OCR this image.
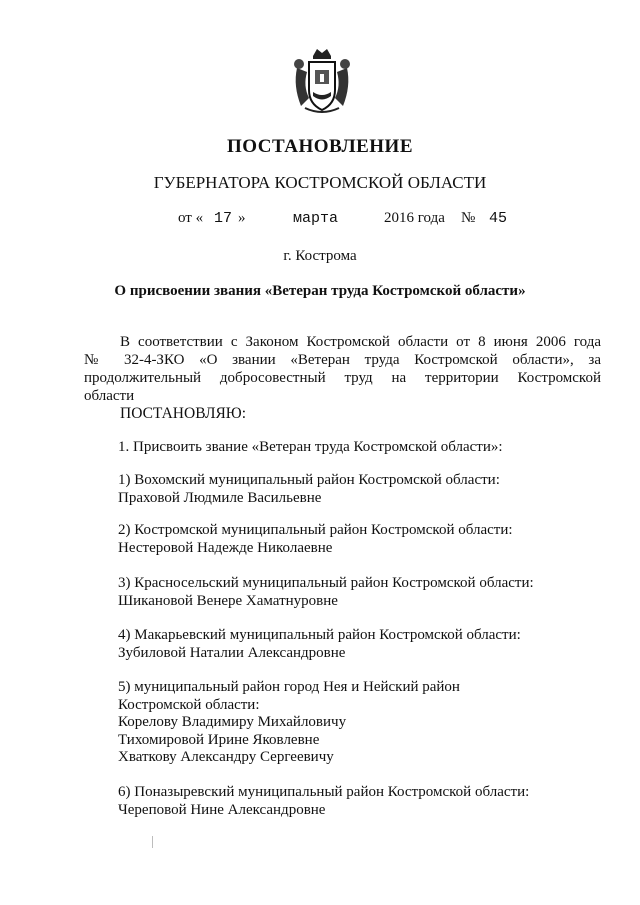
ПОСТАНОВЛЕНИЕ
ГУБЕРНАТОРА КОСТРОМСКОЙ ОБЛАСТИ
от « 17 »	марта	2016 года № 45
г. Кострома
О присвоении звания «Ветеран труда Костромской области»
В соответствии с Законом Костромской области от 8 июня 2006 года
№ 32-4-ЗКО «О звании «Ветеран труда Костромской области», за
продолжительный добросовестный труд на территории Костромской
области
ПОСТАНОВЛЯЮ:
1. Присвоить звание «Ветеран труда Костромской области»:
1) Вохомский муниципальный район Костромской области:
Праховой Людмиле Васильевне
2) Костромской муниципальный район Костромской области:
Нестеровой Надежде Николаевне
3) Красносельский муниципальный район Костромской области:
Шикановой Венере Хаматнуровне
4) Макарьевский муниципальный район Костромской области:
Зубиловой Наталии Александровне
5) муниципальный район город Нея и Нейский район
Костромской области:
Корелову Владимиру Михайловичу
Тихомировой Ирине Яковлевне
Хваткову Александру Сергеевичу
6) Поназыревский муниципальный район Костромской области:
Череповой Нине Александровне
